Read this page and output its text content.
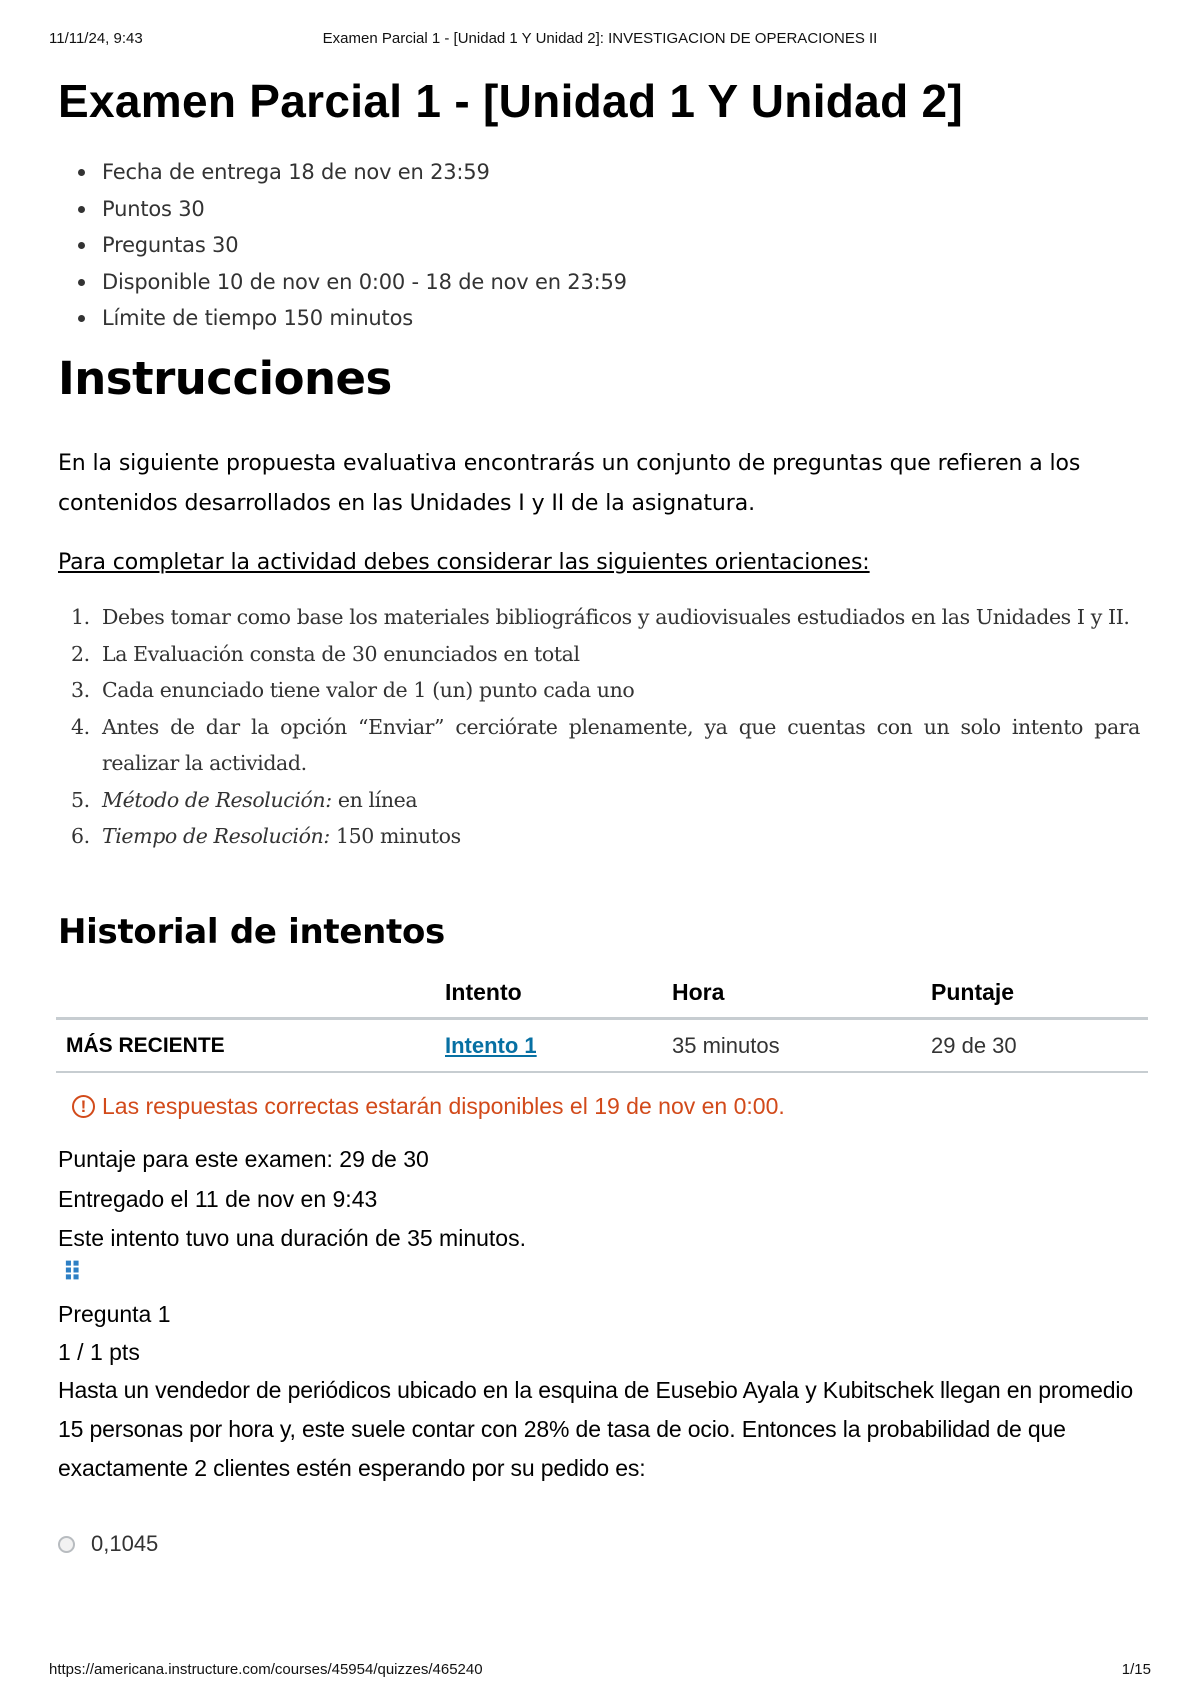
11/11/24, 9:43	Examen Parcial 1 - [Unidad 1 Y Unidad 2]: INVESTIGACION DE OPERACIONES II
Examen Parcial 1 - [Unidad 1 Y Unidad 2]
Fecha de entrega 18 de nov en 23:59
Puntos 30
Preguntas 30
Disponible 10 de nov en 0:00 - 18 de nov en 23:59
Límite de tiempo 150 minutos
Instrucciones

En la siguiente propuesta evaluativa encontrarás un conjunto de preguntas que refieren a los contenidos desarrollados en las Unidades I y II de la asignatura.

Para completar la actividad debes considerar las siguientes orientaciones:

1. Debes tomar como base los materiales bibliográficos y audiovisuales estudiados en las Unidades I y II.
2. La Evaluación consta de 30 enunciados en total
3. Cada enunciado tiene valor de 1 (un) punto cada uno
4. Antes de dar la opción “Enviar” cerciórate plenamente, ya que cuentas con un solo intento para realizar la actividad.
5. Método de Resolución: en línea
6. Tiempo de Resolución: 150 minutos
Historial de intentos
	Intento	Hora	Puntaje
MÁS RECIENTE	Intento 1	35 minutos	29 de 30
! Las respuestas correctas estarán disponibles el 19 de nov en 0:00.
Puntaje para este examen: 29 de 30
Entregado el 11 de nov en 9:43
Este intento tuvo una duración de 35 minutos.
⠿
Pregunta 1
1 / 1 pts

Hasta un vendedor de periódicos ubicado en la esquina de Eusebio Ayala y Kubitschek llegan en promedio 15 personas por hora y, este suele contar con 28% de tasa de ocio. Entonces la probabilidad de que exactamente 2 clientes estén esperando por su pedido es:

0,1045
https://americana.instructure.com/courses/45954/quizzes/465240	1/15
